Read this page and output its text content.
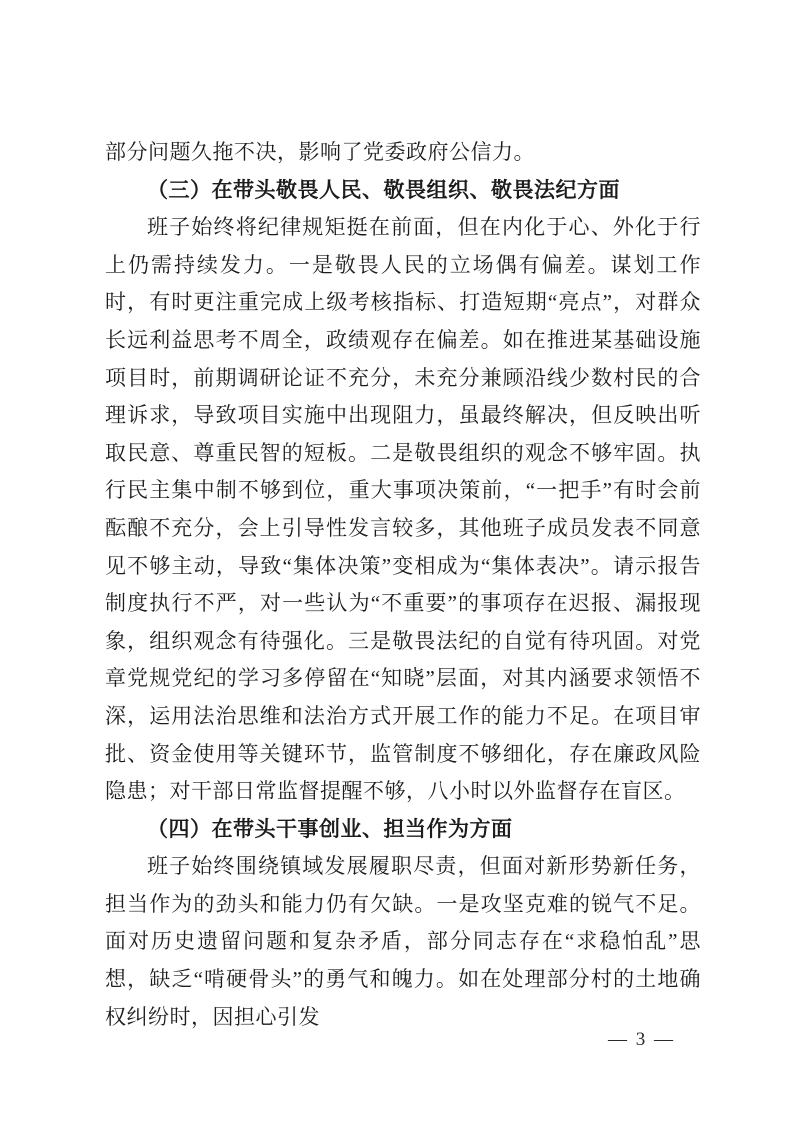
部分问题久拖不决，影响了党委政府公信力。

（三）在带头敬畏人民、敬畏组织、敬畏法纪方面

班子始终将纪律规矩挺在前面，但在内化于心、外化于行上仍需持续发力。一是敬畏人民的立场偶有偏差。谋划工作时，有时更注重完成上级考核指标、打造短期“亮点”，对群众长远利益思考不周全，政绩观存在偏差。如在推进某基础设施项目时，前期调研论证不充分，未充分兼顾沿线少数村民的合理诉求，导致项目实施中出现阻力，虽最终解决，但反映出听取民意、尊重民智的短板。二是敬畏组织的观念不够牢固。执行民主集中制不够到位，重大事项决策前，“一把手”有时会前酝酿不充分，会上引导性发言较多，其他班子成员发表不同意见不够主动，导致“集体决策”变相成为“集体表决”。请示报告制度执行不严，对一些认为“不重要”的事项存在迟报、漏报现象，组织观念有待强化。三是敬畏法纪的自觉有待巩固。对党章党规党纪的学习多停留在“知晓”层面，对其内涵要求领悟不深，运用法治思维和法治方式开展工作的能力不足。在项目审批、资金使用等关键环节，监管制度不够细化，存在廉政风险隐患；对干部日常监督提醒不够，八小时以外监督存在盲区。

（四）在带头干事创业、担当作为方面

班子始终围绕镇域发展履职尽责，但面对新形势新任务，担当作为的劲头和能力仍有欠缺。一是攻坚克难的锐气不足。面对历史遗留问题和复杂矛盾，部分同志存在“求稳怕乱”思想，缺乏“啃硬骨头”的勇气和魄力。如在处理部分村的土地确权纠纷时，因担心引发

— 3 —
